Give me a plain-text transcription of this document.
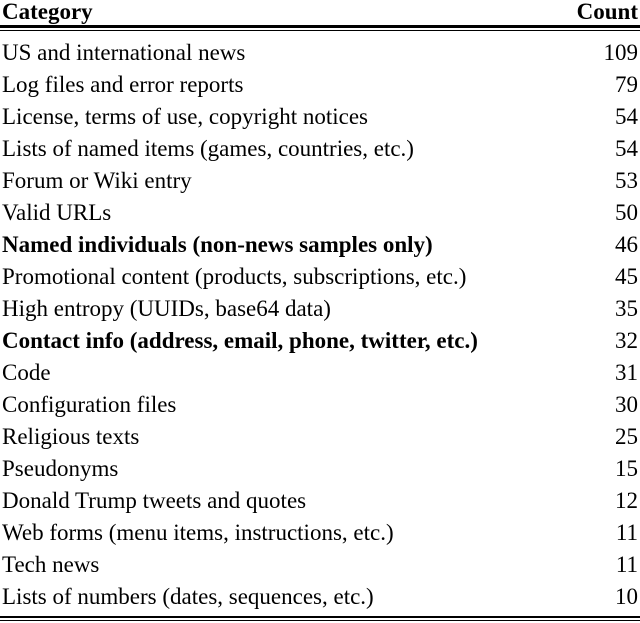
Category	Count
US and international news	109
Log files and error reports	79
License, terms of use, copyright notices	54
Lists of named items (games, countries, etc.)	54
Forum or Wiki entry	53
Valid URLs	50
Named individuals (non-news samples only)	46
Promotional content (products, subscriptions, etc.)	45
High entropy (UUIDs, base64 data)	35
Contact info (address, email, phone, twitter, etc.)	32
Code	31
Configuration files	30
Religious texts	25
Pseudonyms	15
Donald Trump tweets and quotes	12
Web forms (menu items, instructions, etc.)	11
Tech news	11
Lists of numbers (dates, sequences, etc.)	10
